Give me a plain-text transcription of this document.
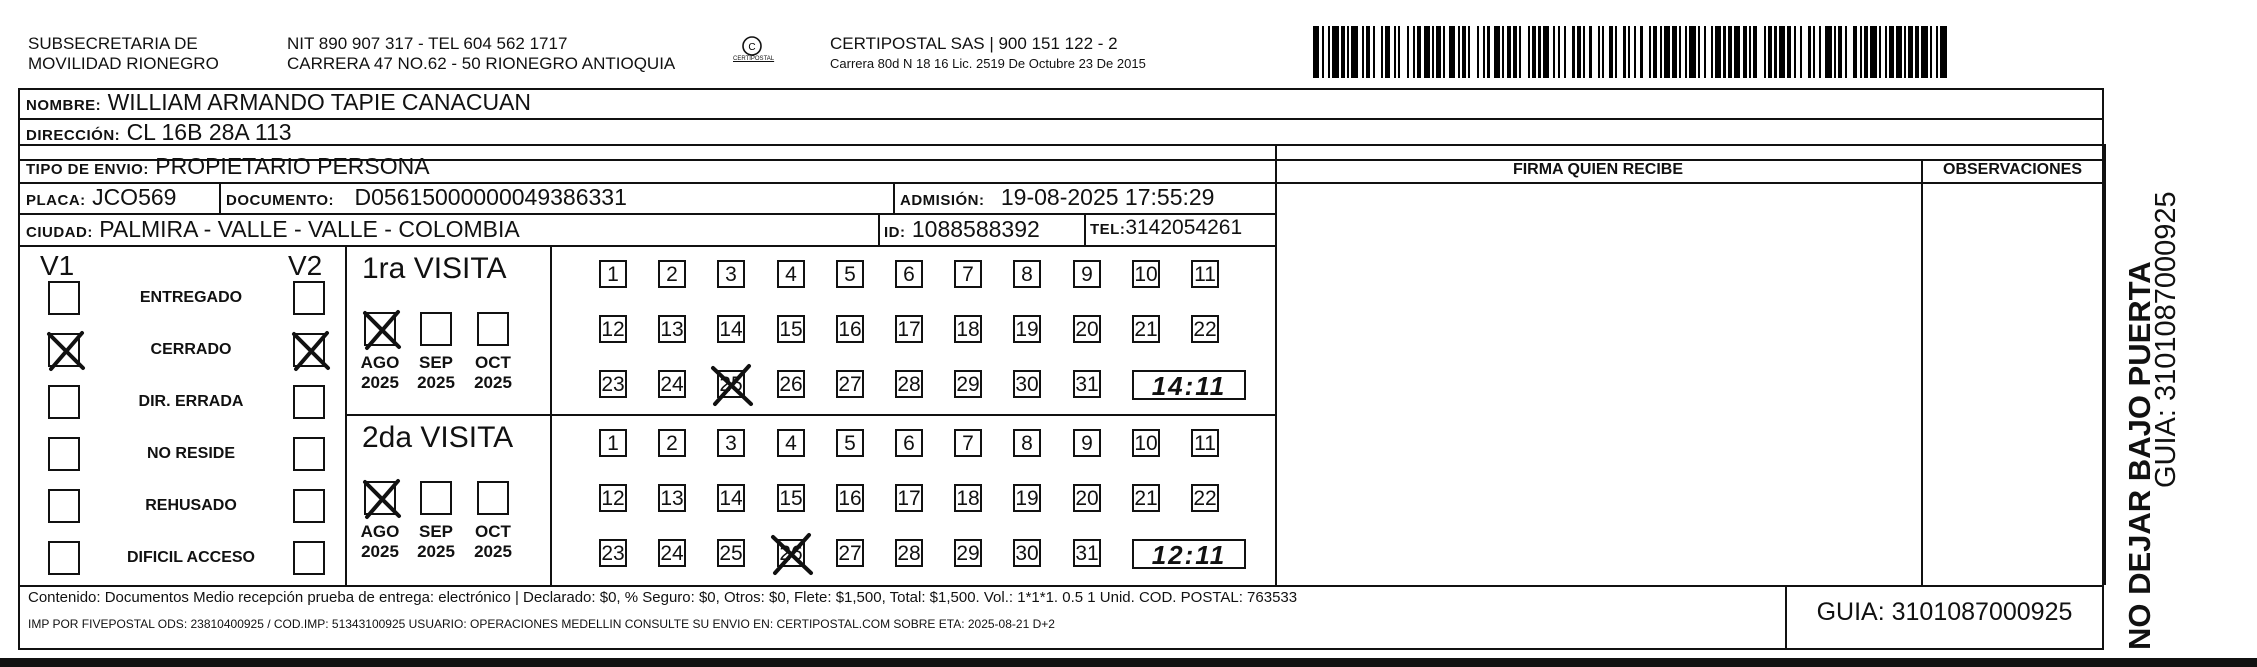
SUBSECRETARIA DE
MOVILIDAD RIONEGRO
NIT 890 907 317 - TEL 604 562 1717
CARRERA 47 NO.62 - 50 RIONEGRO ANTIOQUIA
C
CERTIPOSTAL
CERTIPOSTAL SAS | 900 151 122 - 2
Carrera 80d N 18 16 Lic. 2519 De Octubre 23 De 2015
NOMBRE: WILLIAM ARMANDO TAPIE CANACUAN
DIRECCIÓN: CL 16B 28A 113
TIPO DE ENVIO: PROPIETARIO PERSONA
PLACA: JCO569	DOCUMENTO: D05615000000049386331	ADMISIÓN: 19-08-2025 17:55:29
CIUDAD: PALMIRA - VALLE - VALLE - COLOMBIA	ID: 1088588392	TEL:3142054261
FIRMA QUIEN RECIBE	OBSERVACIONES
V1	V2
ENTREGADO
CERRADO
DIR. ERRADA
NO RESIDE
REHUSADO
DIFICIL ACCESO
1ra VISITA
AGO
2025
SEP
2025
OCT
2025
1	2	3	4	5	6	7	8	9	10 11
12 13 14 15 16 17 18 19 20 21 22
23 24 25 26 27 28 29 30 31	14:11
2da VISITA
AGO
2025
SEP
2025
OCT
2025
1	2	3	4	5	6	7	8	9	10 11
12 13 14 15 16 17 18 19 20 21 22
23 24 25 26 27 28 29 30 31	12:11
Contenido: Documentos Medio recepción prueba de entrega: electrónico | Declarado: $0, % Seguro: $0, Otros: $0, Flete: $1,500, Total: $1,500. Vol.: 1*1*1. 0.5 1 Unid. COD. POSTAL: 763533
IMP POR FIVEPOSTAL ODS: 23810400925 / COD.IMP: 51343100925 USUARIO: OPERACIONES MEDELLIN CONSULTE SU ENVIO EN: CERTIPOSTAL.COM SOBRE ETA: 2025-08-21 D+2	GUIA: 3101087000925	NO DEJAR BAJO PUERTA
GUIA: 3101087000925
